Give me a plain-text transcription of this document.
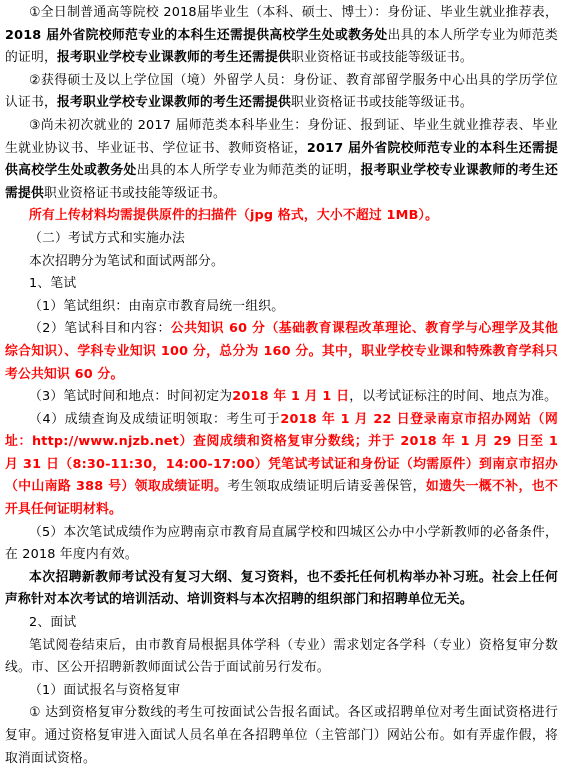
①全日制普通高等院校 2018届毕业生（本科、硕士、博士）：身份证、毕业生就业推荐表，2018 届外省院校师范专业的本科生还需提供高校学生处或教务处出具的本人所学专业为师范类的证明，报考职业学校专业课教师的考生还需提供职业资格证书或技能等级证书。

②获得硕士及以上学位国（境）外留学人员：身份证、教育部留学服务中心出具的学历学位认证书，报考职业学校专业课教师的考生还需提供职业资格证书或技能等级证书。

③尚未初次就业的 2017 届师范类本科毕业生：身份证、报到证、毕业生就业推荐表、毕业生就业协议书、毕业证书、学位证书、教师资格证，2017 届外省院校师范专业的本科生还需提供高校学生处或教务处出具的本人所学专业为师范类的证明，报考职业学校专业课教师的考生还需提供职业资格证书或技能等级证书。

所有上传材料均需提供原件的扫描件（jpg 格式，大小不超过 1MB）。

（二）考试方式和实施办法

本次招聘分为笔试和面试两部分。

1、笔试

（1）笔试组织：由南京市教育局统一组织。

（2）笔试科目和内容：公共知识 60 分（基础教育课程改革理论、教育学与心理学及其他综合知识）、学科专业知识 100 分，总分为 160 分。其中，职业学校专业课和特殊教育学科只考公共知识 60 分。

（3）笔试时间和地点：时间初定为2018 年 1 月 1 日，以考试证标注的时间、地点为准。

（4）成绩查询及成绩证明领取：考生可于2018 年 1 月 22 日登录南京市招办网站（网址：http://www.njzb.net）查阅成绩和资格复审分数线；并于 2018 年 1 月 29 日至 1 月 31 日（8:30-11:30，14:00-17:00）凭笔试考试证和身份证（均需原件）到南京市招办（中山南路 388 号）领取成绩证明。考生领取成绩证明后请妥善保管，如遗失一概不补，也不开具任何证明材料。

（5）本次笔试成绩作为应聘南京市教育局直属学校和四城区公办中小学新教师的必备条件，在 2018 年度内有效。

本次招聘新教师考试没有复习大纲、复习资料，也不委托任何机构举办补习班。社会上任何声称针对本次考试的培训活动、培训资料与本次招聘的组织部门和招聘单位无关。

2、面试

笔试阅卷结束后，由市教育局根据具体学科（专业）需求划定各学科（专业）资格复审分数线。市、区公开招聘新教师面试公告于面试前另行发布。

（1）面试报名与资格复审

① 达到资格复审分数线的考生可按面试公告报名面试。各区或招聘单位对考生面试资格进行复审。通过资格复审进入面试人员名单在各招聘单位（主管部门）网站公布。如有弄虚作假，将取消面试资格。
